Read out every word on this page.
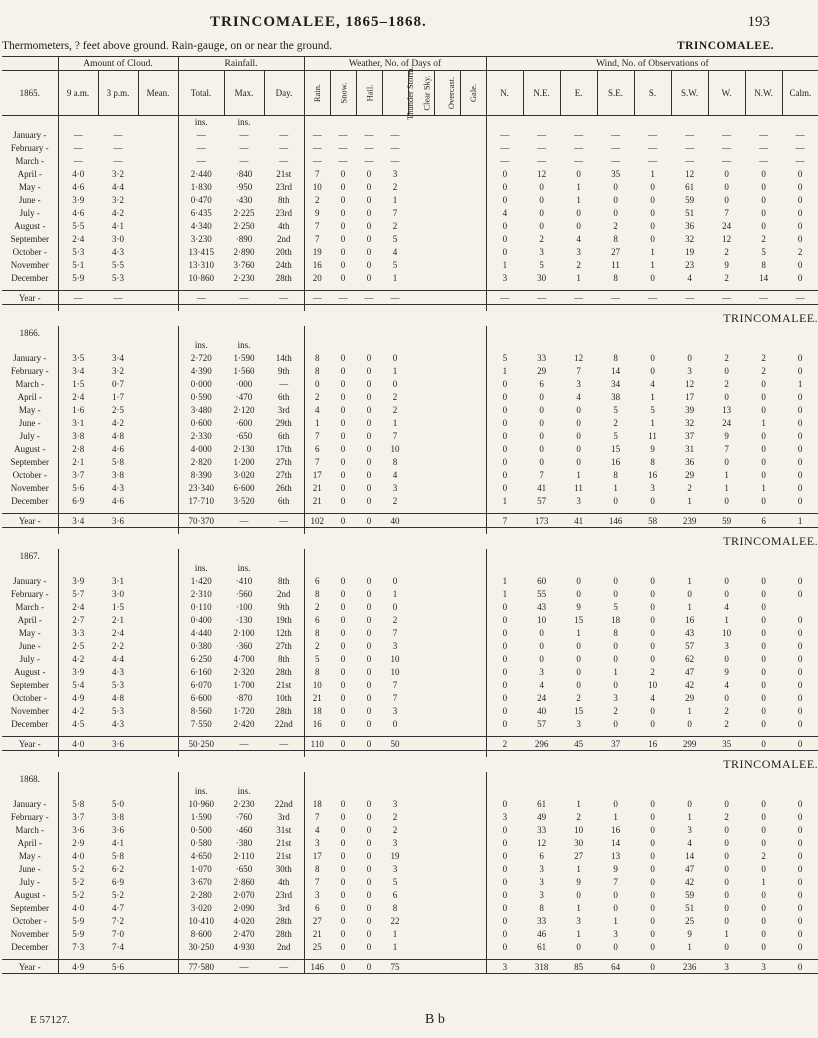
TRINCOMALEE, 1865–1868.	193
Thermometers, ? feet above ground. Rain-gauge, on or near the ground.	TRINCOMALEE.
	Amount of Cloud.			Rainfall.			Weather, No. of Days of							Wind, No. of Observations of								
1865.	9 a.m.	3 p.m.	Mean.	Total.	Max.	Day.	Rain.	Snow.	Hail.	Thunder Storm.	Clear Sky.	Overcast.	Gale.	N.	N.E.	E.	S.E.	S.	S.W.	W.	N.W.	Calm.
				ins.	ins.																	
January -	—	—		—	—	—	—	—	—	—				—	—	—	—	—	—	—	—	—
February -	—	—		—	—	—	—	—	—	—				—	—	—	—	—	—	—	—	—
March -	—	—		—	—	—	—	—	—	—				—	—	—	—	—	—	—	—	—
April -	4·0	3·2		2·440	·840	21st	7	0	0	3				0	12	0	35	1	12	0	0	0
May -	4·6	4·4		1·830	·950	23rd	10	0	0	2				0	0	1	0	0	61	0	0	0
June -	3·9	3·2		0·470	·430	8th	2	0	0	1				0	0	1	0	0	59	0	0	0
July -	4·6	4·2		6·435	2·225	23rd	9	0	0	7				4	0	0	0	0	51	7	0	0
August -	5·5	4·1		4·340	2·250	4th	7	0	0	2				0	0	0	2	0	36	24	0	0
September	2·4	3·0		3·230	·890	2nd	7	0	0	5				0	2	4	8	0	32	12	2	0
October -	5·3	4·3		13·415	2·890	20th	19	0	0	4				0	3	3	27	1	19	2	5	2
November	5·1	5·5		13·310	3·760	24th	16	0	0	5				1	5	2	11	1	23	9	8	0
December	5·9	5·3		10·860	2·230	28th	20	0	0	1				3	30	1	8	0	4	2	14	0

Year -	—	—		—	—	—	—	—	—	—				—	—	—	—	—	—	—	—	—

TRINCOMALEE.																						
1866.																						
				ins.	ins.																	
January -	3·5	3·4		2·720	1·590	14th	8	0	0	0				5	33	12	8	0	0	2	2	0
February -	3·4	3·2		4·390	1·560	9th	8	0	0	1				1	29	7	14	0	3	0	2	0
March -	1·5	0·7		0·000	·000	—	0	0	0	0				0	6	3	34	4	12	2	0	1
April -	2·4	1·7		0·590	·470	6th	2	0	0	2				0	0	4	38	1	17	0	0	0
May -	1·6	2·5		3·480	2·120	3rd	4	0	0	2				0	0	0	5	5	39	13	0	0
June -	3·1	4·2		0·600	·600	29th	1	0	0	1				0	0	0	2	1	32	24	1	0
July -	3·8	4·8		2·330	·650	6th	7	0	0	7				0	0	0	5	11	37	9	0	0
August -	2·8	4·6		4·000	2·130	17th	6	0	0	10				0	0	0	15	9	31	7	0	0
September	2·1	5·8		2·820	1·200	27th	7	0	0	8				0	0	0	16	8	36	0	0	0
October -	3·7	3·8		8·390	3·020	27th	17	0	0	4				0	7	1	8	16	29	1	0	0
November	5·6	4·3		23·340	6·600	26th	21	0	0	3				0	41	11	1	3	2	1	1	0
December	6·9	4·6		17·710	3·520	6th	21	0	0	2				1	57	3	0	0	1	0	0	0

Year -	3·4	3·6		70·370	—	—	102	0	0	40				7	173	41	146	58	239	59	6	1

TRINCOMALEE.																						
1867.																						
				ins.	ins.																	
January -	3·9	3·1		1·420	·410	8th	6	0	0	0				1	60	0	0	0	1	0	0	0
February -	5·7	3·0		2·310	·560	2nd	8	0	0	1				1	55	0	0	0	0	0	0	0
March -	2·4	1·5		0·110	·100	9th	2	0	0	0				0	43	9	5	0	1	4	0	
April -	2·7	2·1		0·400	·130	19th	6	0	0	2				0	10	15	18	0	16	1	0	0
May -	3·3	2·4		4·440	2·100	12th	8	0	0	7				0	0	1	8	0	43	10	0	0
June -	2·5	2·2		0·380	·360	27th	2	0	0	3				0	0	0	0	0	57	3	0	0
July -	4·2	4·4		6·250	4·700	8th	5	0	0	10				0	0	0	0	0	62	0	0	0
August -	3·9	4·3		6·160	2·320	28th	8	0	0	10				0	3	0	1	2	47	9	0	0
September	5·4	5·3		6·070	1·700	21st	10	0	0	7				0	4	0	0	10	42	4	0	0
October -	4·9	4·8		6·600	·870	10th	21	0	0	7				0	24	2	3	4	29	0	0	0
November	4·2	5·3		8·560	1·720	28th	18	0	0	3				0	40	15	2	0	1	2	0	0
December	4·5	4·3		7·550	2·420	22nd	16	0	0	0				0	57	3	0	0	0	2	0	0

Year -	4·0	3·6		50·250	—	—	110	0	0	50				2	296	45	37	16	299	35	0	0

TRINCOMALEE.																						
1868.																						
				ins.	ins.																	
January -	5·8	5·0		10·960	2·230	22nd	18	0	0	3				0	61	1	0	0	0	0	0	0
February -	3·7	3·8		1·590	·760	3rd	7	0	0	2				3	49	2	1	0	1	2	0	0
March -	3·6	3·6		0·500	·460	31st	4	0	0	2				0	33	10	16	0	3	0	0	0
April -	2·9	4·1		0·580	·380	21st	3	0	0	3				0	12	30	14	0	4	0	0	0
May -	4·0	5·8		4·650	2·110	21st	17	0	0	19				0	6	27	13	0	14	0	2	0
June -	5·2	6·2		1·070	·650	30th	8	0	0	3				0	3	1	9	0	47	0	0	0
July -	5·2	6·9		3·670	2·860	4th	7	0	0	5				0	3	9	7	0	42	0	1	0
August -	5·2	5·2		2·280	2·070	23rd	3	0	0	6				0	3	0	0	0	59	0	0	0
September	4·0	4·7		3·020	2·090	3rd	6	0	0	8				0	8	1	0	0	51	0	0	0
October -	5·9	7·2		10·410	4·020	28th	27	0	0	22				0	33	3	1	0	25	0	0	0
November	5·9	7·0		8·600	2·470	28th	21	0	0	1				0	46	1	3	0	9	1	0	0
December	7·3	7·4		30·250	4·930	2nd	25	0	0	1				0	61	0	0	0	1	0	0	0

Year -	4·9	5·6		77·580	—	—	146	0	0	75				3	318	85	64	0	236	3	3	0
E 57127.	B b
